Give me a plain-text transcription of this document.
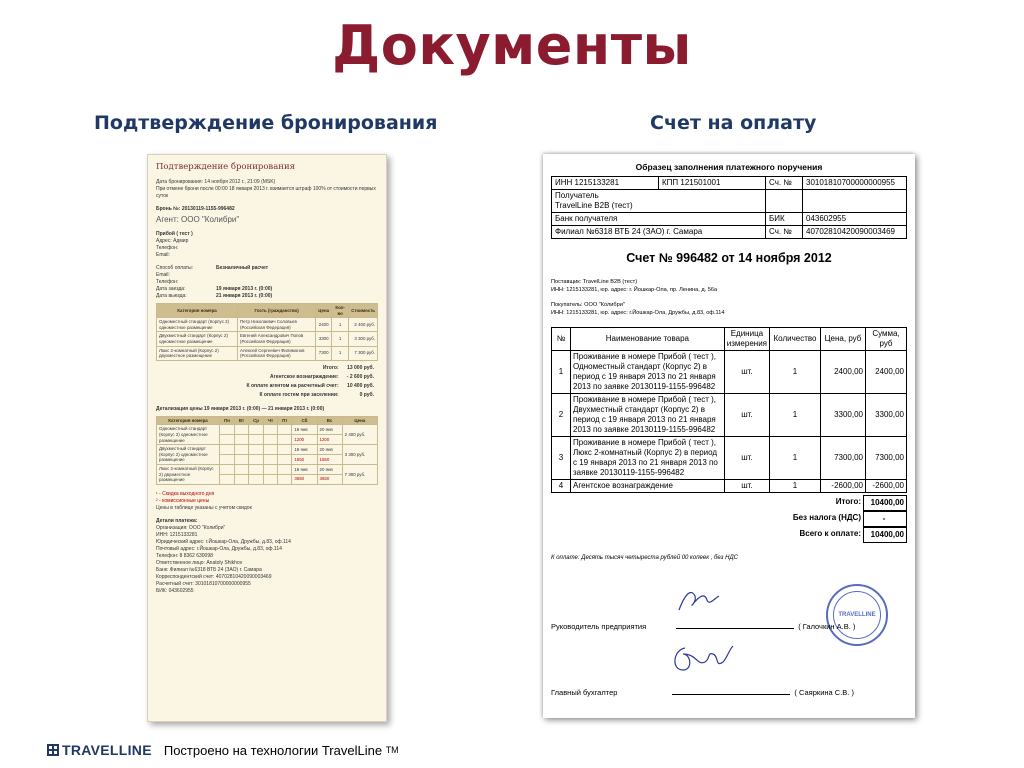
Документы
Подтверждение бронирования	Счет на оплату
Подтверждение бронирования
Дата бронирования: 14 ноября 2012 г., 21:09 (MSK)
При отмене брони после 00:00 18 января 2013 г. взимается штраф 100% от стоимости первых суток
Бронь №: 20130119-1155-996482
Агент: ООО "Колибри"
Прибой ( тест )
Адрес: Адмир
Телефон:
Email:
Способ оплаты:	Безналичный расчет
Email:
Телефон:
Дата заезда:	19 января 2013 г. (0:00)
Дата выезда:	21 января 2013 г. (0:00)
Категория номера	Гость (гражданство)	Цена	Кол-во	Стоимость
Одноместный стандарт (Корпус 2) одноместное размещение	Петр Николаевич Соловьев (Российская Федерация)	2400	1	2 400 руб.
Двухместный стандарт (Корпус 2) одноместное размещение	Евгений Александрович Попов (Российская Федерация)	3300	1	3 300 руб.
Люкс 2-комнатный (Корпус 2) двухместное размещение	Алексей Сергеевич Филимонов (Российская Федерация)	7300	1	7 300 руб.
Итого: 13 000 руб.
Агентское вознаграждение: - 2 600 руб.
К оплате агентом на расчетный счет: 10 400 руб.
К оплате гостем при заселении:	0 руб.
Детализация цены 19 января 2013 г. (0:00) — 21 января 2013 г. (0:00)
Категория номера	Пн	Вт	Ср	Чт	Пт	Сб	Вс	Цена
Одноместный стандарт (Корпус 2) одноместное размещение						19 янв	20 янв	2 400 руб.
						1200	1200	
Двухместный стандарт (Корпус 2) одноместное размещение						19 янв	20 янв	3 300 руб.
						1650	1650	
Люкс 2-комнатный (Корпус 2) двухместное размещение						19 янв	20 янв	7 300 руб.
						3650	3650	
¹ - Скидка выходного дня
² - комиссионные цены
Цены в таблице указаны с учетом скидок
Детали платежа:
Организация: ООО "Колибри"
ИНН: 1215133281
Юридический адрес: г.Йошкар-Ола, Дружбы, д.83, оф.114
Почтовый адрес: г.Йошкар-Ола, Дружбы, д.83, оф.114
Телефон: 8 8362 630098
Ответственное лицо: Anatoly Shikhov
Банк: Филиал №6318 ВТБ 24 (ЗАО) г. Самара
Корреспондентский счет: 40702810420090003469
Расчетный счет: 30101810700000000955
БИК: 043602955
Образец заполнения платежного поручения
ИНН 1215133281	КПП 121501001	Сч. №	30101810700000000955

Получатель
TravelLine B2B (тест)			

Банк получателя		БИК	043602955
Филиал №6318 ВТБ 24 (ЗАО) г. Самара		Сч. №	40702810420090003469
Счет № 996482 от 14 ноября 2012
Поставщик: TravelLine B2B (тест)
ИНН: 1215133281, юр. адрес: г. Йошкар-Ола, пр. Ленина, д. 56а
Покупатель: ООО "Колибри"
ИНН: 1215133281, юр. адрес: г.Йошкар-Ола, Дружбы, д.83, оф.114
№	Наименование товара	Единица измерения	Количество	Цена, руб	Сумма, руб
1	Проживание в номере Прибой ( тест ), Одноместный стандарт (Корпус 2) в период с 19 января 2013 по 21 января 2013 по заявке 20130119-1155-996482	шт.	1	2400,00	2400,00
2	Проживание в номере Прибой ( тест ), Двухместный стандарт (Корпус 2) в период с 19 января 2013 по 21 января 2013 по заявке 20130119-1155-996482	шт.	1	3300,00	3300,00
3	Проживание в номере Прибой ( тест ), Люкс 2-комнатный (Корпус 2) в период с 19 января 2013 по 21 января 2013 по заявке 20130119-1155-996482	шт.	1	7300,00	7300,00
4	Агентское вознаграждение	шт.	1	-2600,00	-2600,00
Итого:	10400,00
Без налога (НДС)	-
Всего к оплате:	10400,00
К оплате: Десять тысяч четыреста рублей 00 копеек , без НДС
TRAVELLINE
Руководитель предприятия	( Галочкин А.В. )
Главный бухгалтер	( Саяркина С.В. )
TRAVELLINE Построено на технологии TravelLine
TM
